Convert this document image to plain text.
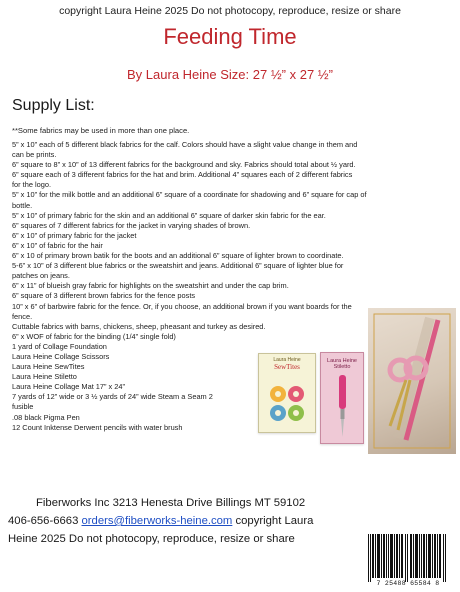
copyright Laura Heine 2025 Do not photocopy, reproduce, resize or share
Feeding Time
By Laura Heine Size: 27 ½” x 27 ½”
Supply List:
**Some fabrics may be used in more than one place.
5” x 10” each of 5 different black fabrics for the calf. Colors should have a slight value change in them and
can be prints.
6” square to 8” x 10” of 13 different fabrics for the background and sky. Fabrics should total about ½ yard.
6” square each of 3 different fabrics for the hat and brim. Additional 4” squares each of 2 different fabrics
for the logo.
5” x 10” for the milk bottle and an additional 6” square of a coordinate for shadowing and 6” square for cap of
bottle.
5” x 10” of primary fabric for the skin and an additional 6” square of darker skin fabric for the ear.
6” squares of 7 different fabrics for the jacket in varying shades of brown.
6” x 10” of primary fabric for the jacket
6” x 10” of fabric for the hair
6” x 10 of primary brown batik for the boots and an additional 6” square of lighter brown to coordinate.
5-6” x 10” of 3 different blue fabrics or the sweatshirt and jeans. Additional 6” square of lighter blue for
patches on jeans.
6” x 11” of blueish gray fabric for highlights on the sweatshirt and under the cap brim.
6” square of 3 different brown fabrics for the fence posts
10” x 6” of barbwire fabric for the fence. Or, if you choose, an additional brown if you want boards for the
fence.
Cuttable fabrics with barns, chickens, sheep, pheasant and turkey as desired.
6” x WOF of fabric for the binding (1/4” single fold)
1 yard of Collage Foundation
Laura Heine Collage Scissors
Laura Heine SewTites
Laura Heine Stiletto
Laura Heine Collage Mat 17” x 24”
7 yards of 12” wide or 3 ½ yards of 24” wide Steam a Seam 2
fusible
.08 black Pigma Pen
12 Count Inktense Derwent pencils with water brush
Laura Heine
SewTites
Laura Heine Stiletto
Fiberworks Inc 3213 Henesta Drive Billings MT 59102
406-656-6663 orders@fiberworks-heine.com copyright Laura
Heine 2025 Do not photocopy, reproduce, resize or share
7 25488 65584 8
